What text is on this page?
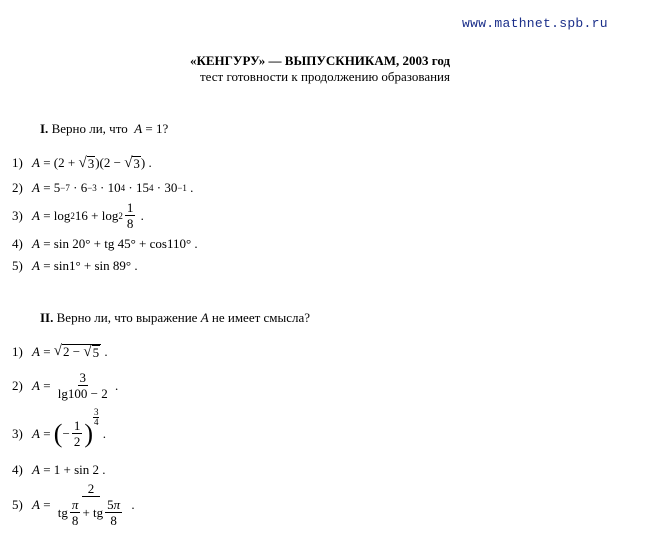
www.mathnet.spb.ru
«КЕНГУРУ» — ВЫПУСКНИКАМ, 2003 год
тест готовности к продолжению образования
I. Верно ли, что A = 1?
1) A = (2 + √ 3 )(2 − √ 3 ) .
2) A = 5 −7 · 6 −3 · 10 4 · 15 4 · 30 −1 .
3) A = log 2 $16 + \log 2 \frac{1}{8}$ .
4) A = sin 20° + tg 45° + cos110° .
5) A = sin1° + sin 89° .
II. Верно ли, что выражение A не имеет смысла?
1) A = √ 2 − √ 5 .
2) $A = \frac{3}{\lg 100 - 2}$ .
3) A = ( − $\frac{1}{2}$ )
3
4
.
4) A = 1 + sin 2 .
5) $A = \frac{2}{tg \frac{\pi}{8} + tg \frac{5\pi}{8}}$ .
